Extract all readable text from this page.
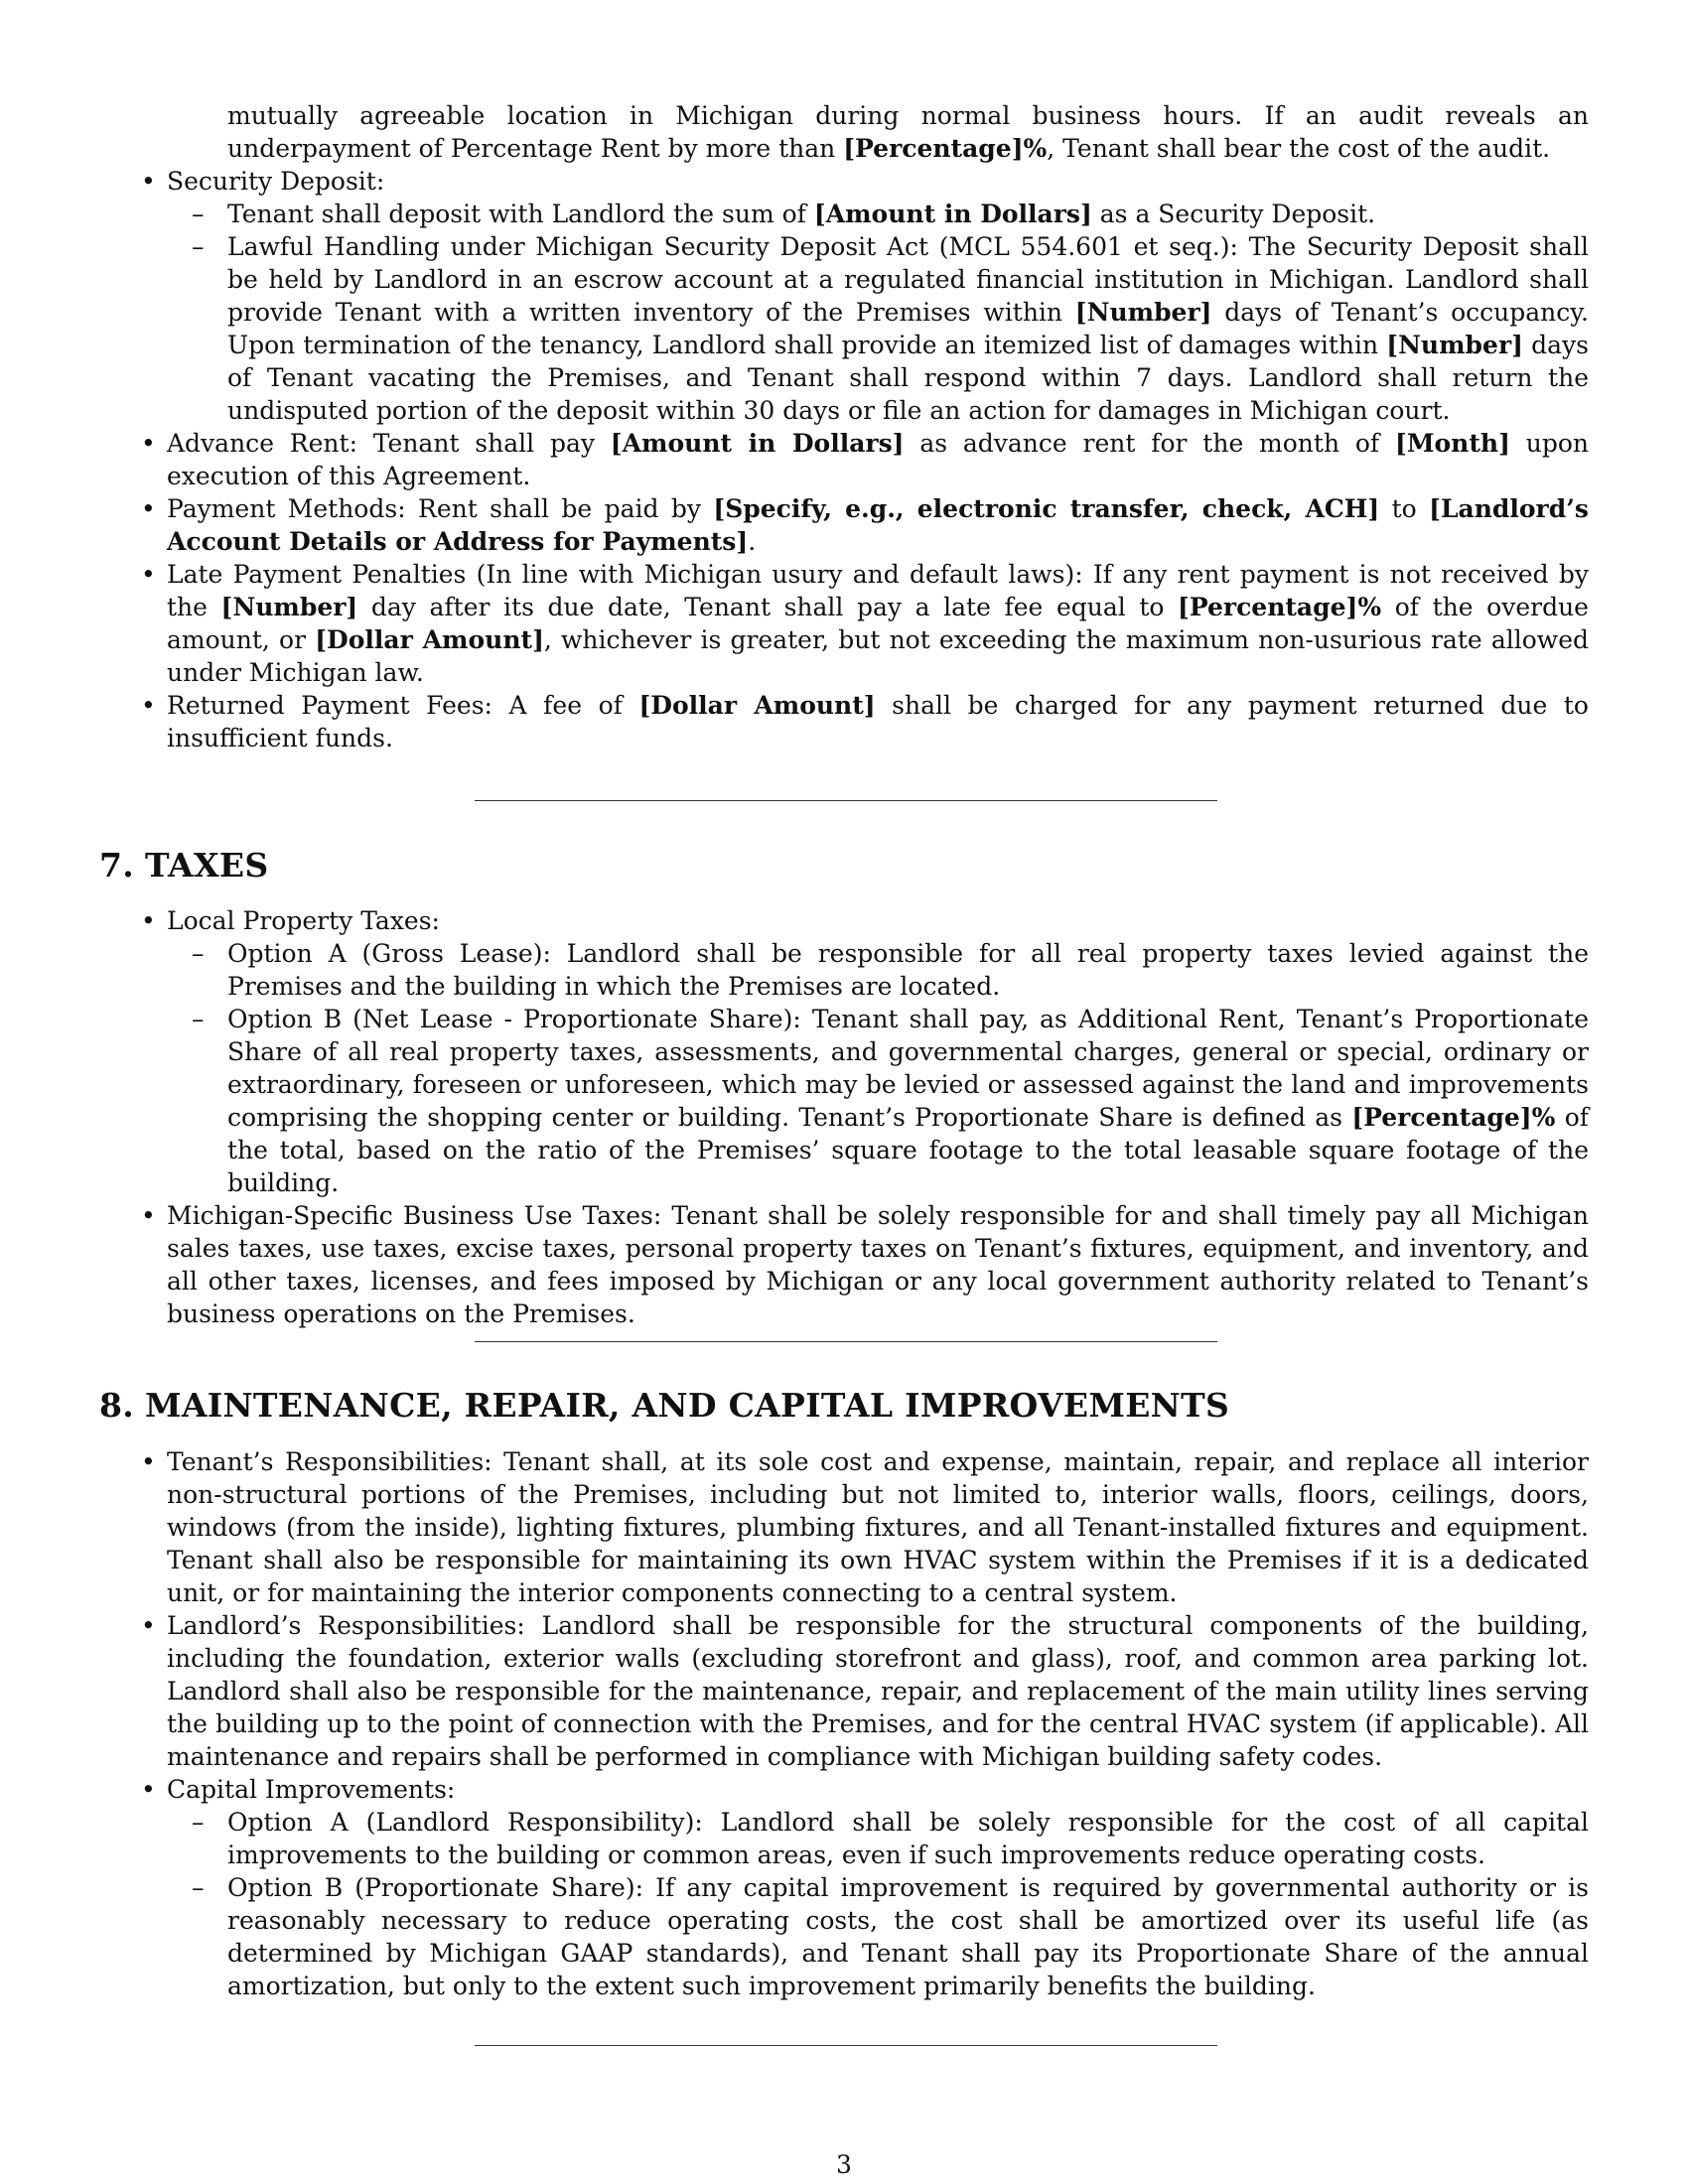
mutually agreeable location in Michigan during normal business hours. If an audit reveals an underpayment of Percentage Rent by more than [Percentage]%, Tenant shall bear the cost of the audit.
• Security Deposit:
– Tenant shall deposit with Landlord the sum of [Amount in Dollars] as a Security Deposit.
– Lawful Handling under Michigan Security Deposit Act (MCL 554.601 et seq.): The Security Deposit shall be held by Landlord in an escrow account at a regulated financial institution in Michigan. Landlord shall provide Tenant with a written inventory of the Premises within [Number] days of Tenant’s occupancy. Upon termination of the tenancy, Landlord shall provide an itemized list of damages within [Number] days of Tenant vacating the Premises, and Tenant shall respond within 7 days. Landlord shall return the undisputed portion of the deposit within 30 days or file an action for damages in Michigan court.
• Advance Rent: Tenant shall pay [Amount in Dollars] as advance rent for the month of [Month] upon execution of this Agreement.
• Payment Methods: Rent shall be paid by [Specify, e.g., electronic transfer, check, ACH] to [Landlord’s Account Details or Address for Payments].
• Late Payment Penalties (In line with Michigan usury and default laws): If any rent payment is not received by the [Number] day after its due date, Tenant shall pay a late fee equal to [Percentage]% of the overdue amount, or [Dollar Amount], whichever is greater, but not exceeding the maximum non-usurious rate allowed under Michigan law.
• Returned Payment Fees: A fee of [Dollar Amount] shall be charged for any payment returned due to insufficient funds.
7. TAXES
• Local Property Taxes:
– Option A (Gross Lease): Landlord shall be responsible for all real property taxes levied against the Premises and the building in which the Premises are located.
– Option B (Net Lease - Proportionate Share): Tenant shall pay, as Additional Rent, Tenant’s Proportionate Share of all real property taxes, assessments, and governmental charges, general or special, ordinary or extraordinary, foreseen or unforeseen, which may be levied or assessed against the land and improvements comprising the shopping center or building. Tenant’s Proportionate Share is defined as [Percentage]% of the total, based on the ratio of the Premises’ square footage to the total leasable square footage of the building.
• Michigan-Specific Business Use Taxes: Tenant shall be solely responsible for and shall timely pay all Michigan sales taxes, use taxes, excise taxes, personal property taxes on Tenant’s fixtures, equipment, and inventory, and all other taxes, licenses, and fees imposed by Michigan or any local government authority related to Tenant’s business operations on the Premises.
8. MAINTENANCE, REPAIR, AND CAPITAL IMPROVEMENTS
• Tenant’s Responsibilities: Tenant shall, at its sole cost and expense, maintain, repair, and replace all interior non-structural portions of the Premises, including but not limited to, interior walls, floors, ceilings, doors, windows (from the inside), lighting fixtures, plumbing fixtures, and all Tenant-installed fixtures and equipment. Tenant shall also be responsible for maintaining its own HVAC system within the Premises if it is a dedicated unit, or for maintaining the interior components connecting to a central system.
• Landlord’s Responsibilities: Landlord shall be responsible for the structural components of the building, including the foundation, exterior walls (excluding storefront and glass), roof, and common area parking lot. Landlord shall also be responsible for the maintenance, repair, and replacement of the main utility lines serving the building up to the point of connection with the Premises, and for the central HVAC system (if applicable). All maintenance and repairs shall be performed in compliance with Michigan building safety codes.
• Capital Improvements:
– Option A (Landlord Responsibility): Landlord shall be solely responsible for the cost of all capital improvements to the building or common areas, even if such improvements reduce operating costs.
– Option B (Proportionate Share): If any capital improvement is required by governmental authority or is reasonably necessary to reduce operating costs, the cost shall be amortized over its useful life (as determined by Michigan GAAP standards), and Tenant shall pay its Proportionate Share of the annual amortization, but only to the extent such improvement primarily benefits the building.
3
